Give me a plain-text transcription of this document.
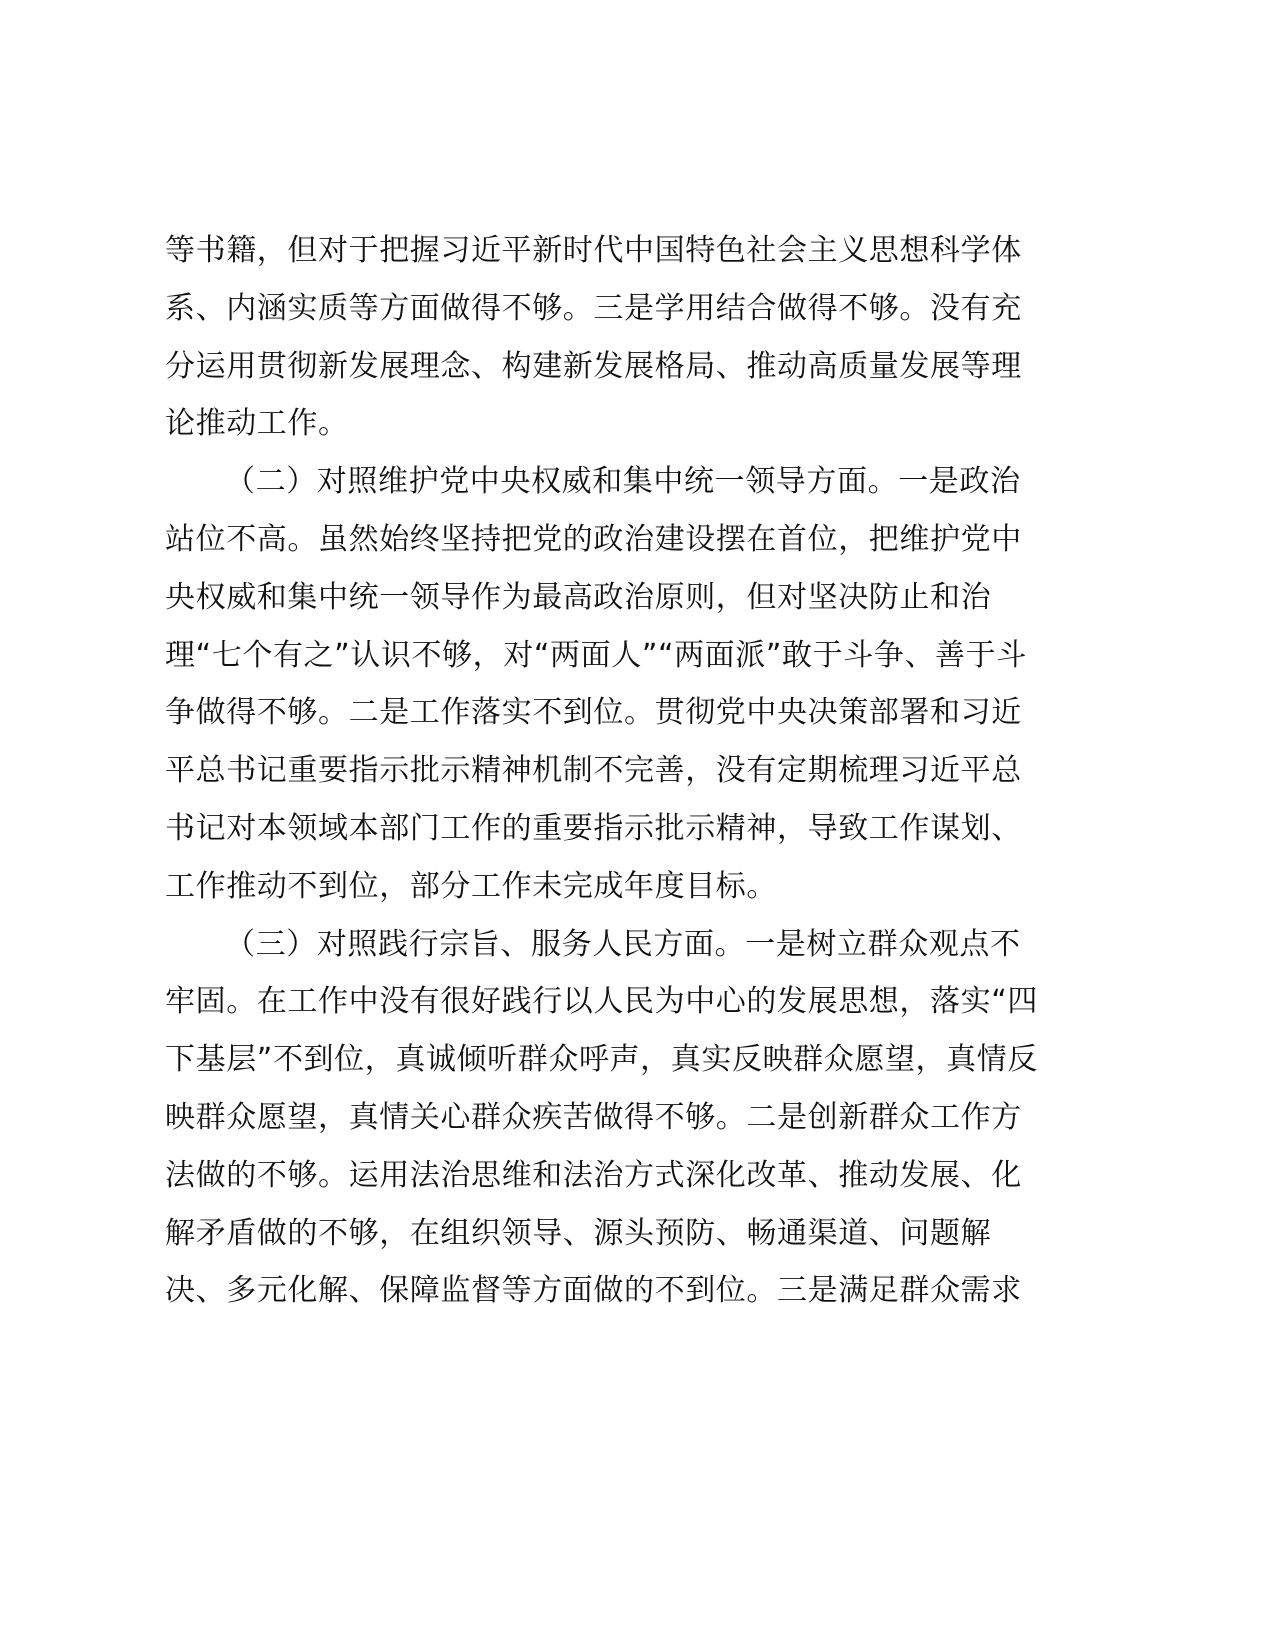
等书籍，但对于把握习近平新时代中国特色社会主义思想科学体
系、内涵实质等方面做得不够。三是学用结合做得不够。没有充
分运用贯彻新发展理念、构建新发展格局、推动高质量发展等理
论推动工作。
（二）对照维护党中央权威和集中统一领导方面。一是政治
站位不高。虽然始终坚持把党的政治建设摆在首位，把维护党中
央权威和集中统一领导作为最高政治原则，但对坚决防止和治
理“七个有之”认识不够，对“两面人”“两面派”敢于斗争、善于斗
争做得不够。二是工作落实不到位。贯彻党中央决策部署和习近
平总书记重要指示批示精神机制不完善，没有定期梳理习近平总
书记对本领域本部门工作的重要指示批示精神，导致工作谋划、
工作推动不到位，部分工作未完成年度目标。
（三）对照践行宗旨、服务人民方面。一是树立群众观点不
牢固。在工作中没有很好践行以人民为中心的发展思想，落实“四
下基层”不到位，真诚倾听群众呼声，真实反映群众愿望，真情反
映群众愿望，真情关心群众疾苦做得不够。二是创新群众工作方
法做的不够。运用法治思维和法治方式深化改革、推动发展、化
解矛盾做的不够，在组织领导、源头预防、畅通渠道、问题解
决、多元化解、保障监督等方面做的不到位。三是满足群众需求
